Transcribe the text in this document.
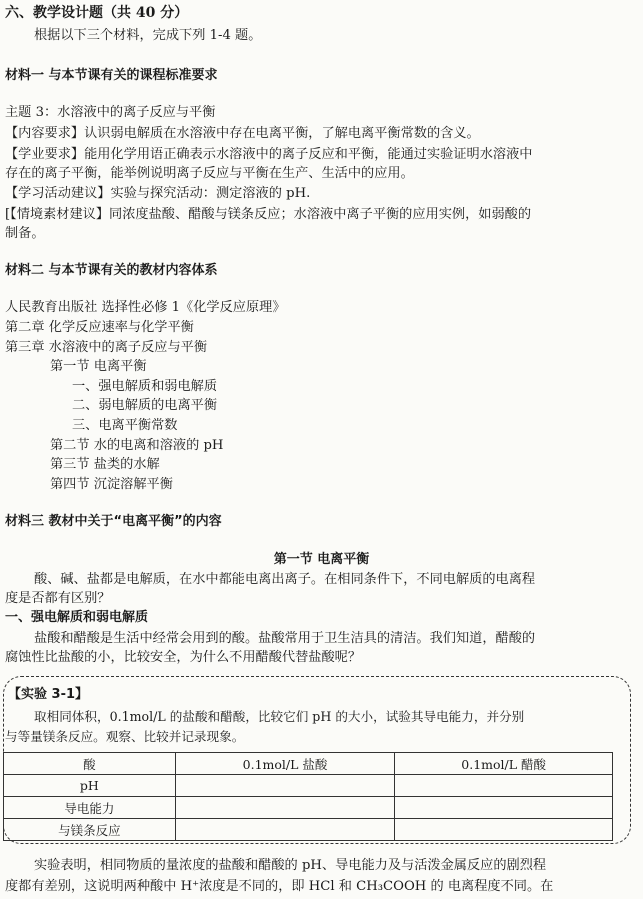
六、教学设计题（共 40 分）
根据以下三个材料，完成下列 1-4 题。
材料一 与本节课有关的课程标准要求
主题 3：水溶液中的离子反应与平衡
【内容要求】认识弱电解质在水溶液中存在电离平衡，了解电离平衡常数的含义。
【学业要求】能用化学用语正确表示水溶液中的离子反应和平衡，能通过实验证明水溶液中
存在的离子平衡，能举例说明离子反应与平衡在生产、生活中的应用。
【学习活动建议】实验与探究活动：测定溶液的 pH.
[【情境素材建议】同浓度盐酸、醋酸与镁条反应；水溶液中离子平衡的应用实例，如弱酸的
制备。
材料二 与本节课有关的教材内容体系
人民教育出版社 选择性必修 1《化学反应原理》
第二章 化学反应速率与化学平衡
第三章 水溶液中的离子反应与平衡
第一节 电离平衡
一、强电解质和弱电解质
二、弱电解质的电离平衡
三、电离平衡常数
第二节 水的电离和溶液的 pH
第三节 盐类的水解
第四节 沉淀溶解平衡
材料三 教材中关于“电离平衡”的内容
第一节 电离平衡
酸、碱、盐都是电解质，在水中都能电离出离子。在相同条件下，不同电解质的电离程
度是否都有区别？
一、强电解质和弱电解质
盐酸和醋酸是生活中经常会用到的酸。盐酸常用于卫生洁具的清洁。我们知道，醋酸的
腐蚀性比盐酸的小，比较安全，为什么不用醋酸代替盐酸呢？
【实验 3-1】
取相同体积，0.1mol/L 的盐酸和醋酸，比较它们 pH 的大小，试验其导电能力，并分别
与等量镁条反应。观察、比较并记录现象。
酸	0.1mol/L 盐酸	0.1mol/L 醋酸
pH		
导电能力		
与镁条反应		
实验表明，相同物质的量浓度的盐酸和醋酸的 pH、导电能力及与活泼金属反应的剧烈程
度都有差别，这说明两种酸中 H⁺浓度是不同的，即 HCl 和 CH₃COOH 的 电离程度不同。在
